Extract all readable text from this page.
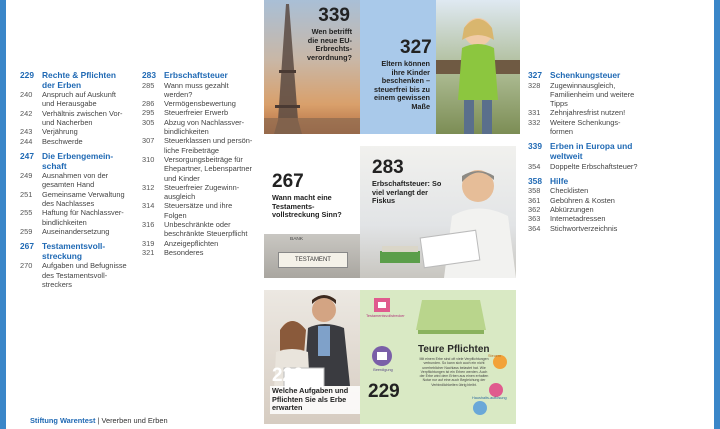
229 Rechte & Pflichten der Erben
240	Anspruch auf Auskunft und Herausgabe
242	Verhältnis zwischen Vor- und Nacherben
243	Verjährung
244	Beschwerde
247 Die Erbengemein-schaft
249	Ausnahmen von der gesamten Hand
251	Gemeinsame Verwaltung des Nachlasses
255	Haftung für Nachlassver-bindlichkeiten
259	Auseinandersetzung
267 Testamentsvoll-streckung
270	Aufgaben und Befugnisse des Testamentsvoll-streckers
283 Erbschaftsteuer
285	Wann muss gezahlt werden?
286	Vermögensbewertung
295	Steuerfreier Erwerb
305	Abzug von Nachlassver-bindlichkeiten
307	Steuerklassen und persön-liche Freibeträge
310	Versorgungsbeiträge für Ehepartner, Lebenspartner und Kinder
312	Steuerfreier Zugewinn-ausgleich
314	Steuersätze und ihre Folgen
316	Unbeschränkte oder beschränkte Steuerpflicht
319	Anzeigepflichten
321	Besonderes
327 Schenkungsteuer
328	Zugewinnausgleich, Familienheim und weitere Tipps
331	Zehnjahresfrist nutzen!
332	Weitere Schenkungs-formen
339 Erben in Europa und weltweit
354	Doppelte Erbschaftsteuer?
358 Hilfe
358	Checklisten
361	Gebühren & Kosten
362	Abkürzungen
363	Internetadressen
364	Stichwortverzeichnis
339
Wen betrifft die neue EU-Erbrechts-verordnung?	327
Eltern können ihre Kinder beschenken – steuerfrei bis zu einem gewissen Maße
267
Wann macht eine Testaments-vollstreckung Sinn?
BANK
TESTAMENT
283
Erbschaftsteuer: So viel verlangt der Fiskus
229
Welche Aufgaben und Pflichten Sie als Erbe erwarten
Testamentsvollstrecker
Beerdigung
Steuern
Haushalts-auflösung
Teure Pflichten
Mit einem Erbe sind oft viele Verpflichtungen verbunden. So kann sich auch ein nicht unerheblicher Nachlass belastet hat. Wie Verpflichtungen ist ein Erben werden. Auch der Erbe wird dem Erben aus einen erhalten Notar nur auf eine auch Begleichung der Verbindlichkeiten übrig bleibt.
229
Stiftung Warentest | Vererben und Erben
